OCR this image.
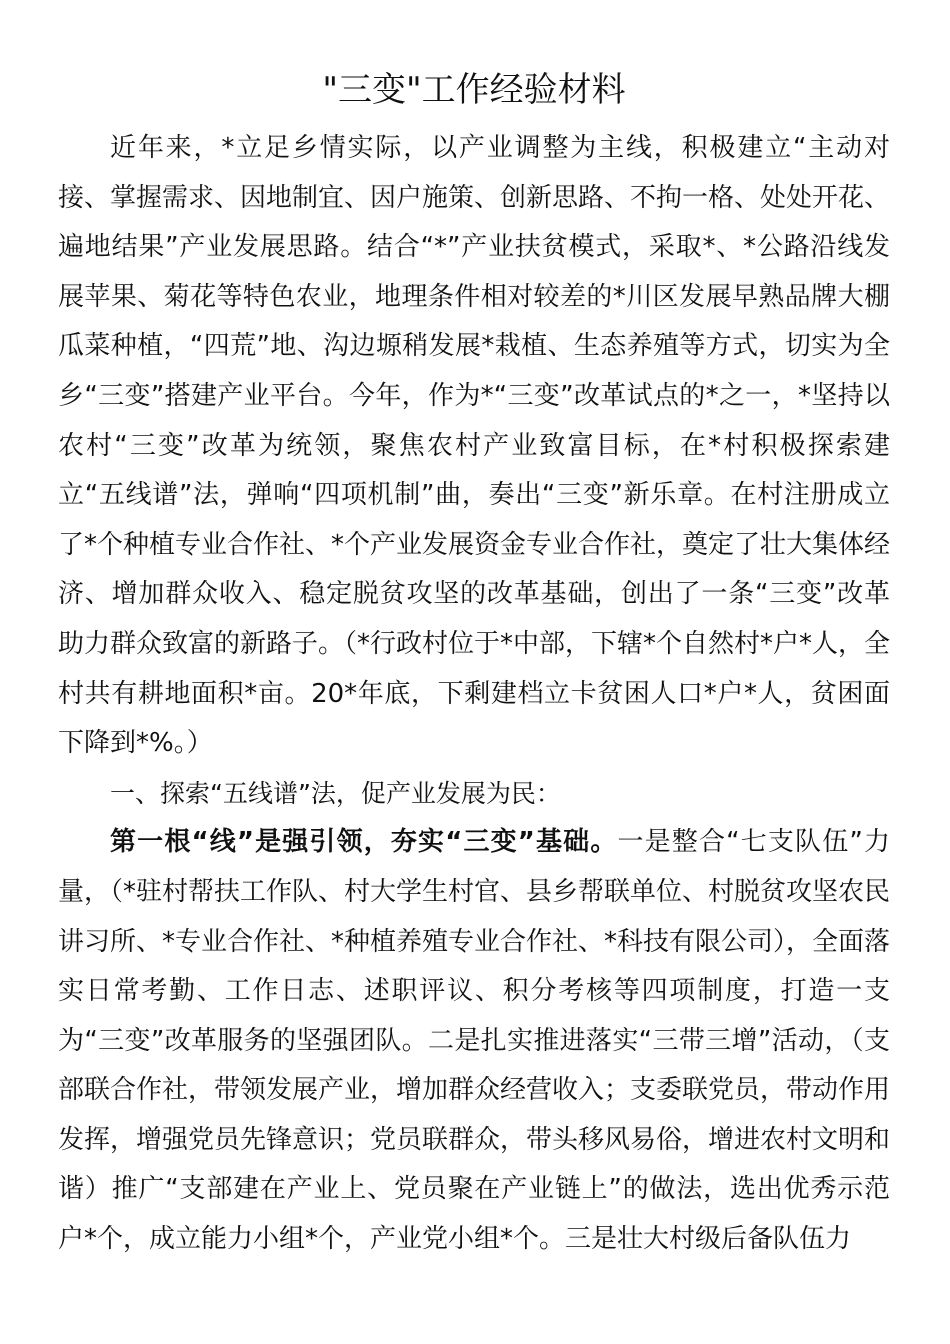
"三变"工作经验材料

近年来，*立足乡情实际，以产业调整为主线，积极建立“主动对接、掌握需求、因地制宜、因户施策、创新思路、不拘一格、处处开花、遍地结果”产业发展思路。结合“*”产业扶贫模式，采取*、*公路沿线发展苹果、菊花等特色农业，地理条件相对较差的*川区发展早熟品牌大棚瓜菜种植，“四荒”地、沟边塬稍发展*栽植、生态养殖等方式，切实为全乡“三变”搭建产业平台。今年，作为*“三变”改革试点的*之一，*坚持以农村“三变”改革为统领，聚焦农村产业致富目标，在*村积极探索建立“五线谱”法，弹响“四项机制”曲，奏出“三变”新乐章。在村注册成立了*个种植专业合作社、*个产业发展资金专业合作社，奠定了壮大集体经济、增加群众收入、稳定脱贫攻坚的改革基础，创出了一条“三变”改革助力群众致富的新路子。（*行政村位于*中部，下辖*个自然村*户*人，全村共有耕地面积*亩。20*年底，下剩建档立卡贫困人口*户*人，贫困面下降到*%。）

一、探索“五线谱”法，促产业发展为民：

第一根“线”是强引领，夯实“三变”基础。一是整合“七支队伍”力量，（*驻村帮扶工作队、村大学生村官、县乡帮联单位、村脱贫攻坚农民讲习所、*专业合作社、*种植养殖专业合作社、*科技有限公司），全面落实日常考勤、工作日志、述职评议、积分考核等四项制度，打造一支为“三变”改革服务的坚强团队。二是扎实推进落实“三带三增”活动，（支部联合作社，带领发展产业，增加群众经营收入；支委联党员，带动作用发挥，增强党员先锋意识；党员联群众，带头移风易俗，增进农村文明和谐）推广“支部建在产业上、党员聚在产业链上”的做法，选出优秀示范户*个，成立能力小组*个，产业党小组*个。三是壮大村级后备队伍力
